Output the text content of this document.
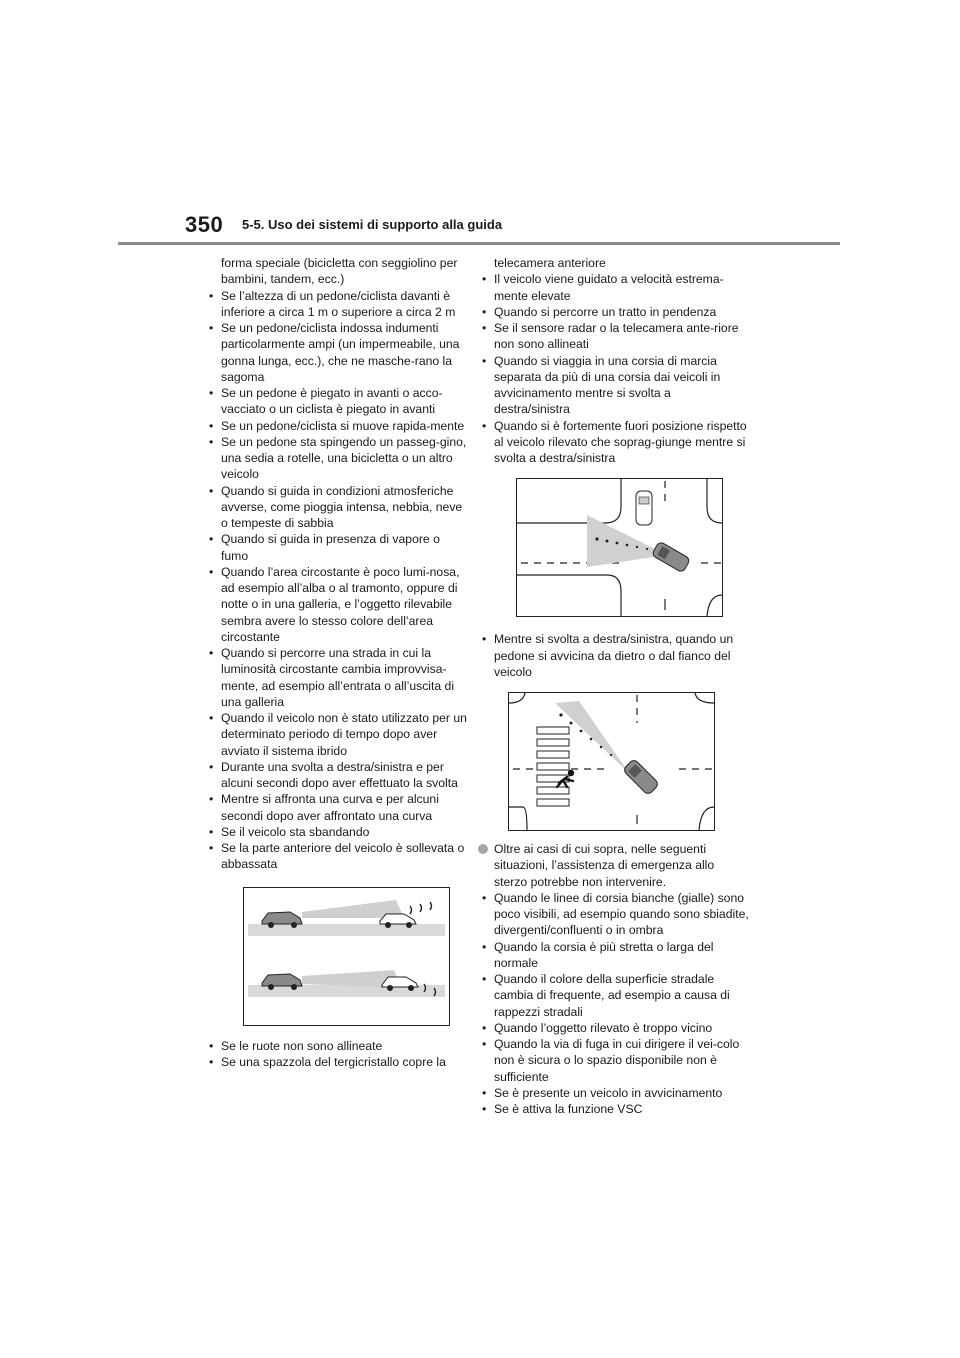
350 5-5. Uso dei sistemi di supporto alla guida

forma speciale (bicicletta con seggiolino per bambini, tandem, ecc.)

• Se l’altezza di un pedone/ciclista davanti è inferiore a circa 1 m o superiore a circa 2 m

• Se un pedone/ciclista indossa indumenti particolarmente ampi (un impermeabile, una gonna lunga, ecc.), che ne masche-rano la sagoma

• Se un pedone è piegato in avanti o acco-vacciato o un ciclista è piegato in avanti

• Se un pedone/ciclista si muove rapida-mente

• Se un pedone sta spingendo un passeg-gino, una sedia a rotelle, una bicicletta o un altro veicolo

• Quando si guida in condizioni atmosferiche avverse, come pioggia intensa, nebbia, neve o tempeste di sabbia

• Quando si guida in presenza di vapore o fumo

• Quando l’area circostante è poco lumi-nosa, ad esempio all’alba o al tramonto, oppure di notte o in una galleria, e l’oggetto rilevabile sembra avere lo stesso colore dell’area circostante

• Quando si percorre una strada in cui la luminosità circostante cambia improvvisa-mente, ad esempio all’entrata o all’uscita di una galleria

• Quando il veicolo non è stato utilizzato per un determinato periodo di tempo dopo aver avviato il sistema ibrido

• Durante una svolta a destra/sinistra e per alcuni secondi dopo aver effettuato la svolta

• Mentre si affronta una curva e per alcuni secondi dopo aver affrontato una curva

• Se il veicolo sta sbandando

• Se la parte anteriore del veicolo è sollevata o abbassata

• Se le ruote non sono allineate

• Se una spazzola del tergicristallo copre la

telecamera anteriore

• Il veicolo viene guidato a velocità estrema-mente elevate

• Quando si percorre un tratto in pendenza

• Se il sensore radar o la telecamera ante-riore non sono allineati

• Quando si viaggia in una corsia di marcia separata da più di una corsia dai veicoli in avvicinamento mentre si svolta a destra/sinistra

• Quando si è fortemente fuori posizione rispetto al veicolo rilevato che soprag-giunge mentre si svolta a destra/sinistra

• Mentre si svolta a destra/sinistra, quando un pedone si avvicina da dietro o dal fianco del veicolo

Oltre ai casi di cui sopra, nelle seguenti situazioni, l’assistenza di emergenza allo sterzo potrebbe non intervenire.

• Quando le linee di corsia bianche (gialle) sono poco visibili, ad esempio quando sono sbiadite, divergenti/confluenti o in ombra

• Quando la corsia è più stretta o larga del normale

• Quando il colore della superficie stradale cambia di frequente, ad esempio a causa di rappezzi stradali

• Quando l’oggetto rilevato è troppo vicino

• Quando la via di fuga in cui dirigere il vei-colo non è sicura o lo spazio disponibile non è sufficiente

• Se è presente un veicolo in avvicinamento

• Se è attiva la funzione VSC
